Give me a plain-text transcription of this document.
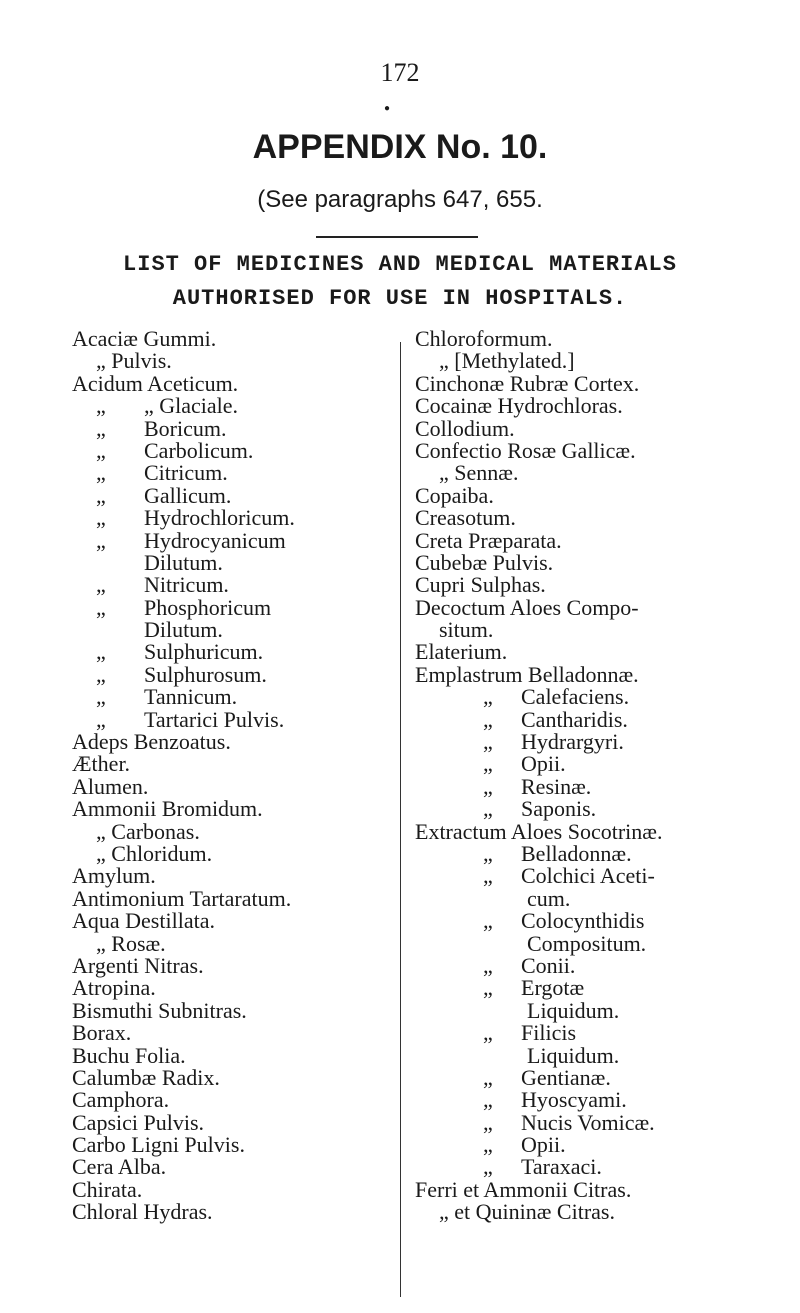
172
●
APPENDIX No. 10.
(See paragraphs 647, 655.
LIST OF MEDICINES AND MEDICAL MATERIALS
AUTHORISED FOR USE IN HOSPITALS.
Acaciæ Gummi.
„ Pulvis.
Acidum Aceticum.
„ „ Glaciale.
„ Boricum.
„ Carbolicum.
„ Citricum.
„ Gallicum.
„ Hydrochloricum.
„ Hydrocyanicum
Dilutum.
„ Nitricum.
„ Phosphoricum
Dilutum.
„ Sulphuricum.
„ Sulphurosum.
„ Tannicum.
„ Tartarici Pulvis.
Adeps Benzoatus.
Æther.
Alumen.
Ammonii Bromidum.
„ Carbonas.
„ Chloridum.
Amylum.
Antimonium Tartaratum.
Aqua Destillata.
„ Rosæ.
Argenti Nitras.
Atropina.
Bismuthi Subnitras.
Borax.
Buchu Folia.
Calumbæ Radix.
Camphora.
Capsici Pulvis.
Carbo Ligni Pulvis.
Cera Alba.
Chirata.
Chloral Hydras.
Chloroformum.
„ [Methylated.]
Cinchonæ Rubræ Cortex.
Cocainæ Hydrochloras.
Collodium.
Confectio Rosæ Gallicæ.
„ Sennæ.
Copaiba.
Creasotum.
Creta Præparata.
Cubebæ Pulvis.
Cupri Sulphas.
Decoctum Aloes Compo-
situm.
Elaterium.
Emplastrum Belladonnæ.
„ Calefaciens.
„ Cantharidis.
„ Hydrargyri.
„ Opii.
„ Resinæ.
„ Saponis.
Extractum Aloes Socotrinæ.
„ Belladonnæ.
„ Colchici Aceti-
cum.
„ Colocynthidis
Compositum.
„ Conii.
„ Ergotæ
Liquidum.
„ Filicis
Liquidum.
„ Gentianæ.
„ Hyoscyami.
„ Nucis Vomicæ.
„ Opii.
„ Taraxaci.
Ferri et Ammonii Citras.
„ et Quininæ Citras.
